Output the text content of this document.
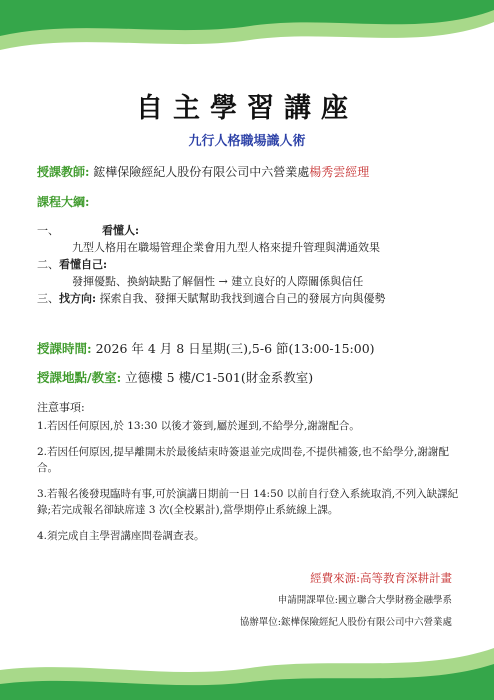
自主學習講座
九行人格職場識人術
授課教師: 鋐樺保險經紀人股份有限公司中六營業處楊秀雲經理
課程大綱:
一、	看懂人:
九型人格用在職場管理企業會用九型人格來提升管理與溝通效果
二、看懂自己:
發揮優點、換納缺點了解個性 → 建立良好的人際關係與信任
三、找方向: 探索自我、發揮天賦幫助我找到適合自己的發展方向與優勢
授課時間: 2026 年 4 月 8 日星期(三),5-6 節(13:00-15:00)
授課地點/教室: 立德樓 5 樓/C1-501(財金系教室)
注意事項:
1.若因任何原因,於 13:30 以後才簽到,屬於遲到,不給學分,謝謝配合。
2.若因任何原因,提早離開未於最後結束時簽退並完成問卷,不提供補簽,也不給學分,謝謝配合。
3.若報名後發現臨時有事,可於演講日期前一日 14:50 以前自行登入系統取消,不列入缺課紀錄;若完成報名卻缺席達 3 次(全校累計),當學期停止系統線上課。
4.須完成自主學習講座問卷調查表。
經費來源:高等教育深耕計畫
申請開課單位:國立聯合大學財務金融學系
協辦單位:鋐樺保險經紀人股份有限公司中六營業處
